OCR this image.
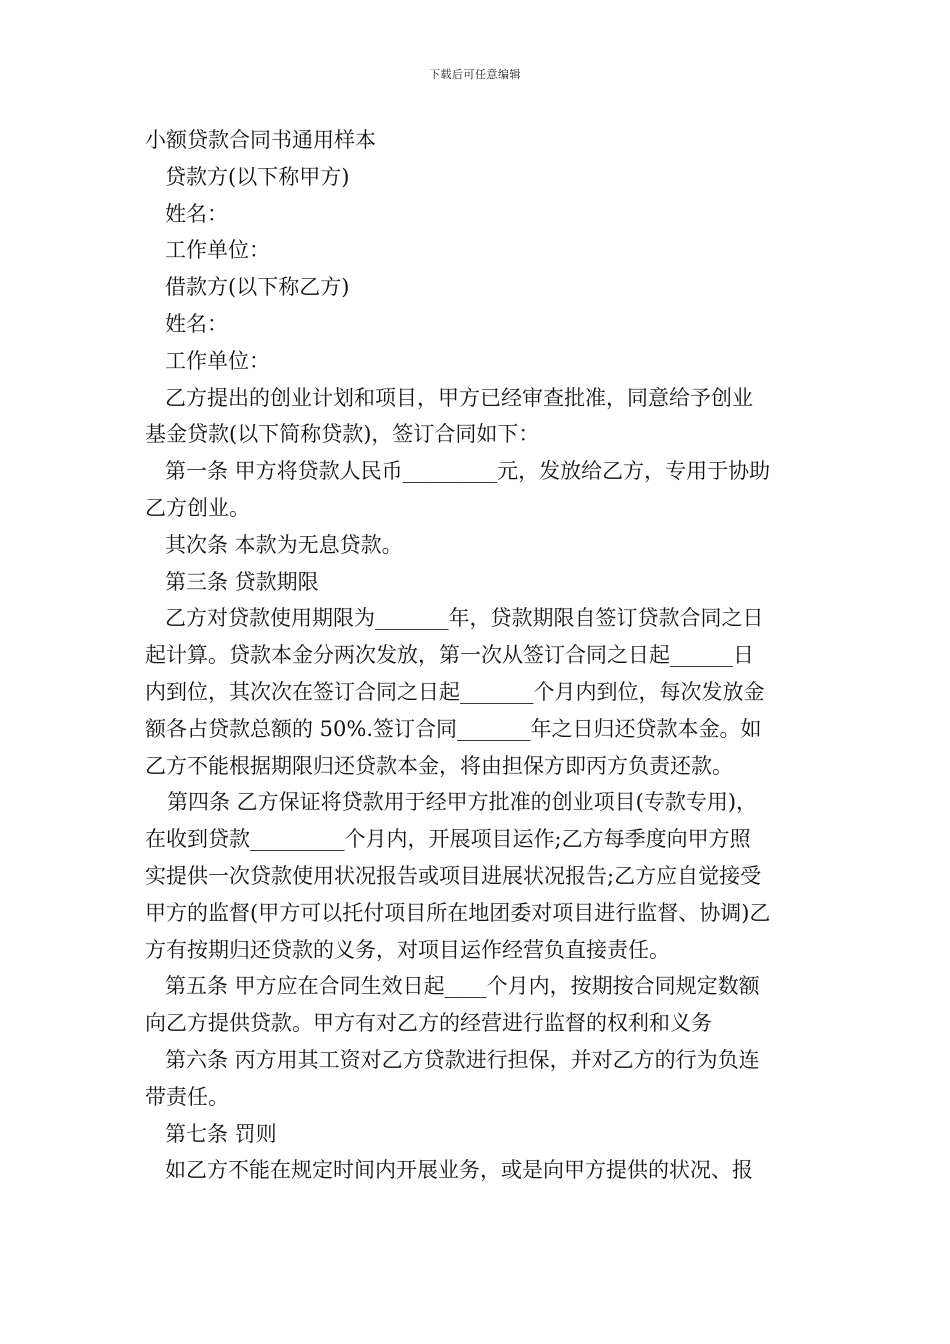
下载后可任意编辑
小额贷款合同书通用样本
贷款方(以下称甲方)
姓名：
工作单位：
借款方(以下称乙方)
姓名：
工作单位：
乙方提出的创业计划和项目，甲方已经审查批准，同意给予创业
基金贷款(以下简称贷款)，签订合同如下：
第一条 甲方将贷款人民币_________元，发放给乙方，专用于协助
乙方创业。
其次条 本款为无息贷款。
第三条 贷款期限
乙方对贷款使用期限为_______年，贷款期限自签订贷款合同之日
起计算。贷款本金分两次发放，第一次从签订合同之日起______日
内到位，其次次在签订合同之日起_______个月内到位，每次发放金
额各占贷款总额的 50%.签订合同_______年之日归还贷款本金。如
乙方不能根据期限归还贷款本金，将由担保方即丙方负责还款。
第四条 乙方保证将贷款用于经甲方批准的创业项目(专款专用)，
在收到贷款_________个月内，开展项目运作;乙方每季度向甲方照
实提供一次贷款使用状况报告或项目进展状况报告;乙方应自觉接受
甲方的监督(甲方可以托付项目所在地团委对项目进行监督、协调)乙
方有按期归还贷款的义务，对项目运作经营负直接责任。
第五条 甲方应在合同生效日起____个月内，按期按合同规定数额
向乙方提供贷款。甲方有对乙方的经营进行监督的权利和义务
第六条 丙方用其工资对乙方贷款进行担保，并对乙方的行为负连
带责任。
第七条 罚则
如乙方不能在规定时间内开展业务，或是向甲方提供的状况、报
